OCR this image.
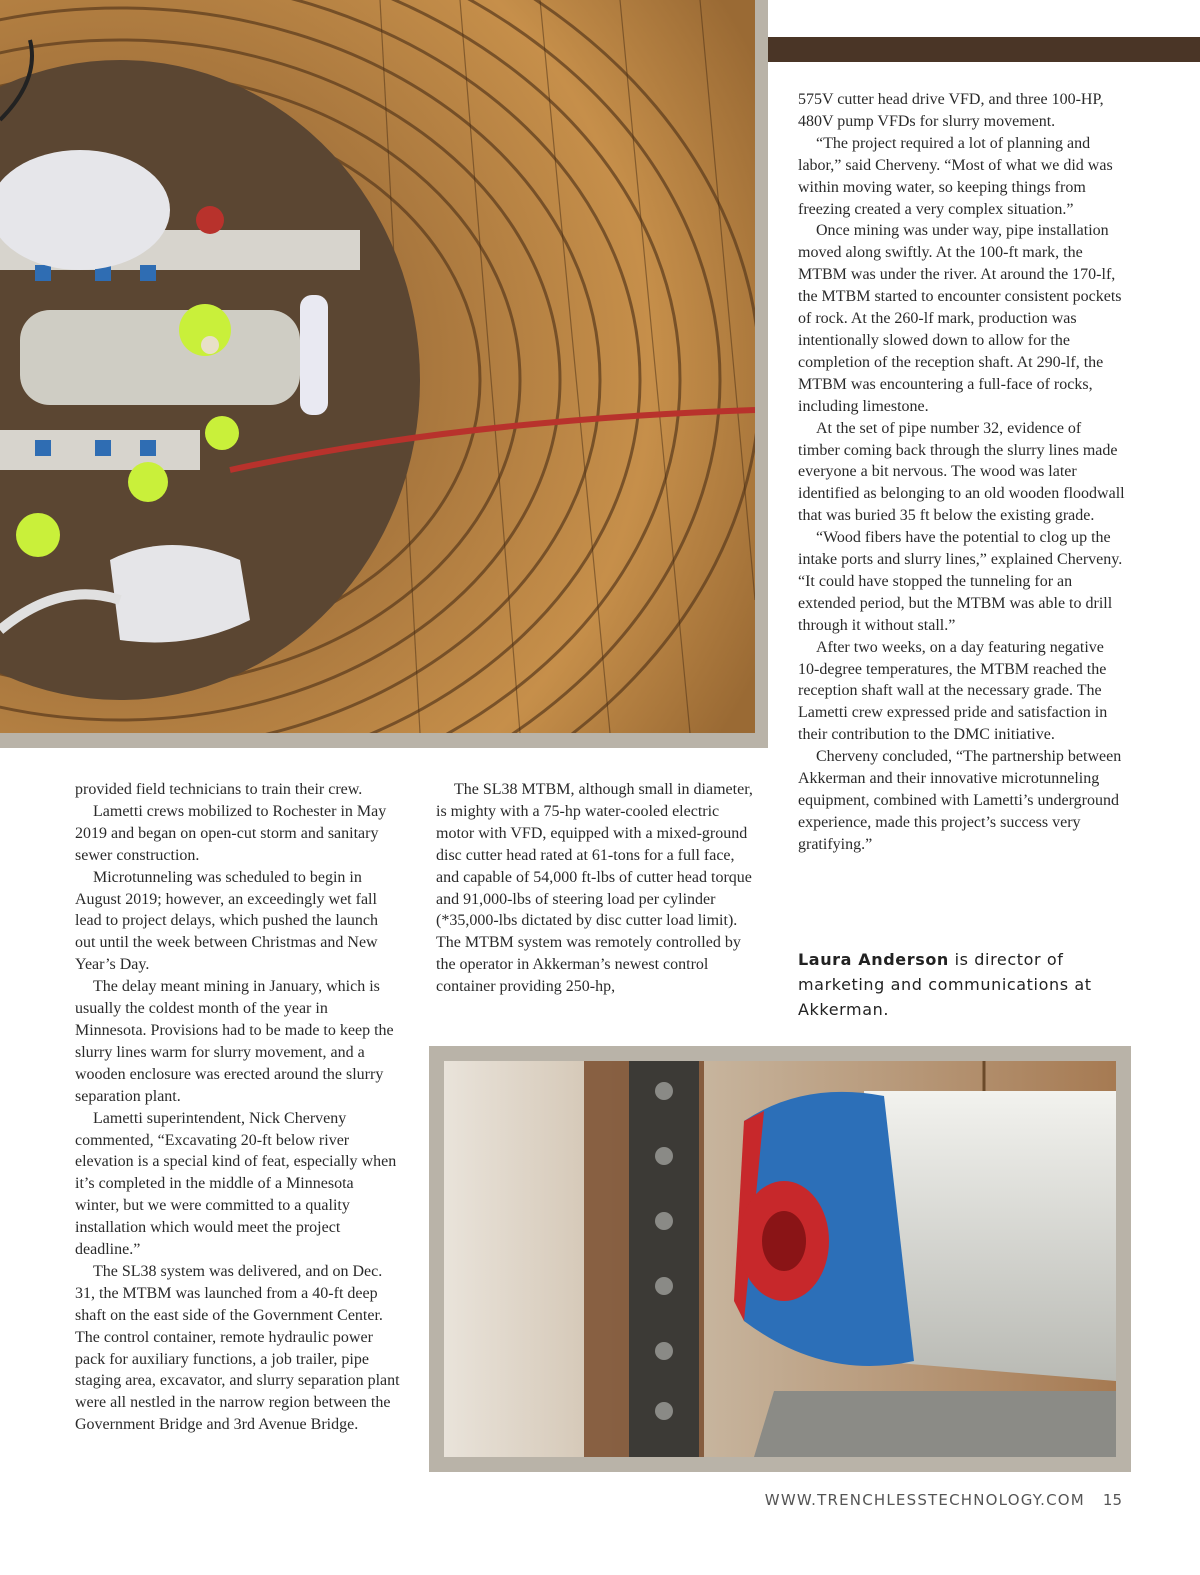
provided field technicians to train their crew.

Lametti crews mobilized to Rochester in May 2019 and began on open-cut storm and sanitary sewer construction.

Microtunneling was scheduled to begin in August 2019; however, an exceedingly wet fall lead to project delays, which pushed the launch out until the week between Christmas and New Year’s Day.

The delay meant mining in January, which is usually the coldest month of the year in Minnesota. Provisions had to be made to keep the slurry lines warm for slurry movement, and a wooden enclosure was erected around the slurry separation plant.

Lametti superintendent, Nick Cherveny commented, “Excavating 20-ft below river elevation is a special kind of feat, especially when it’s completed in the middle of a Minnesota winter, but we were committed to a quality installation which would meet the project deadline.”

The SL38 system was delivered, and on Dec. 31, the MTBM was launched from a 40-ft deep shaft on the east side of the Government Center. The control container, remote hydraulic power pack for auxiliary functions, a job trailer, pipe staging area, excavator, and slurry separation plant were all nestled in the narrow region between the Government Bridge and 3rd Avenue Bridge.

The SL38 MTBM, although small in diameter, is mighty with a 75-hp water-cooled electric motor with VFD, equipped with a mixed-ground disc cutter head rated at 61-tons for a full face, and capable of 54,000 ft-lbs of cutter head torque and 91,000-lbs of steering load per cylinder (*35,000-lbs dictated by disc cutter load limit). The MTBM system was remotely controlled by the operator in Akkerman’s newest control container providing 250-hp,

575V cutter head drive VFD, and three 100-HP, 480V pump VFDs for slurry movement.

“The project required a lot of planning and labor,” said Cherveny. “Most of what we did was within moving water, so keeping things from freezing created a very complex situation.”

Once mining was under way, pipe installation moved along swiftly. At the 100-ft mark, the MTBM was under the river. At around the 170-lf, the MTBM started to encounter consistent pockets of rock. At the 260-lf mark, production was intentionally slowed down to allow for the completion of the reception shaft. At 290-lf, the MTBM was encountering a full-face of rocks, including limestone.

At the set of pipe number 32, evidence of timber coming back through the slurry lines made everyone a bit nervous. The wood was later identified as belonging to an old wooden floodwall that was buried 35 ft below the existing grade.

“Wood fibers have the potential to clog up the intake ports and slurry lines,” explained Cherveny. “It could have stopped the tunneling for an extended period, but the MTBM was able to drill through it without stall.”

After two weeks, on a day featuring negative 10-degree temperatures, the MTBM reached the reception shaft wall at the necessary grade. The Lametti crew expressed pride and satisfaction in their contribution to the DMC initiative.

Cherveny concluded, “The partnership between Akkerman and their innovative microtunneling equipment, combined with Lametti’s underground experience, made this project’s success very gratifying.”

Laura Anderson is director of marketing and communications at Akkerman.
WWW.TRENCHLESSTECHNOLOGY.COM 15
